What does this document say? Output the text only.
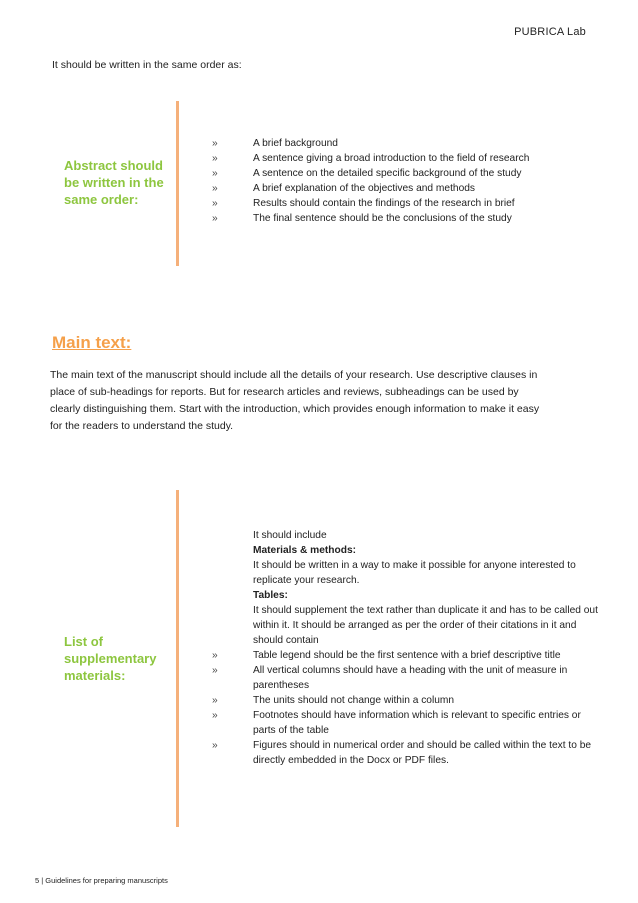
PUBRICA Lab
It should be written in the same order as:
Abstract should be written in the same order:
»	A brief background
»	A sentence giving a broad introduction to the field of research
»	A sentence on the detailed specific background of the study
»	A brief explanation of the objectives and methods
»	Results should contain the findings of the research in brief
»	The final sentence should be the conclusions of the study
Main text:
The main text of the manuscript should include all the details of your research. Use descriptive clauses in place of sub-headings for reports. But for research articles and reviews, subheadings can be used by clearly distinguishing them. Start with the introduction, which provides enough information to make it easy for the readers to understand the study.
List of supplementary materials:
It should include
Materials & methods:
It should be written in a way to make it possible for anyone interested to replicate your research.
Tables:
It should supplement the text rather than duplicate it and has to be called out within it. It should be arranged as per the order of their citations in it and should contain
»	Table legend should be the first sentence with a brief descriptive title
»	All vertical columns should have a heading with the unit of measure in parentheses
»	The units should not change within a column
»	Footnotes should have information which is relevant to specific entries or parts of the table
»	Figures should in numerical order and should be called within the text to be directly embedded in the Docx or PDF files.
5 | Guidelines for preparing manuscripts
